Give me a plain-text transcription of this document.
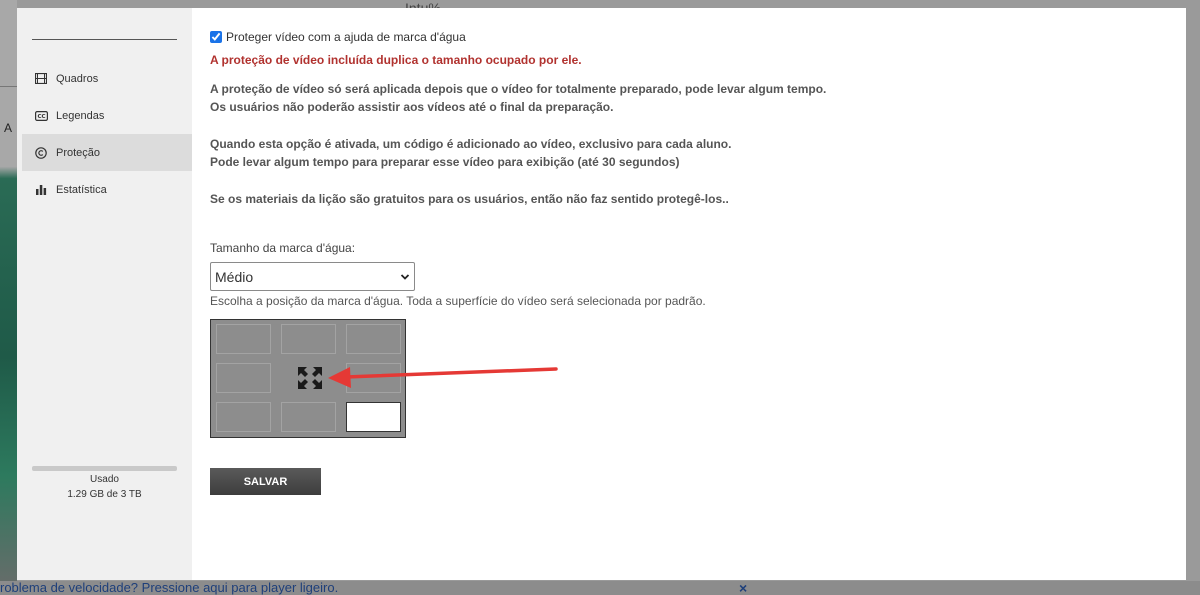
A
roblema de velocidade? Pressione aqui para player ligeiro.	×
Quadros
CC Legendas
Proteção
Estatística
Usado
1.29 GB de 3 TB
Proteger vídeo com a ajuda de marca d'água
A proteção de vídeo incluída duplica o tamanho ocupado por ele.
A proteção de vídeo só será aplicada depois que o vídeo for totalmente preparado, pode levar algum tempo.
Os usuários não poderão assistir aos vídeos até o final da preparação.
Quando esta opção é ativada, um código é adicionado ao vídeo, exclusivo para cada aluno.
Pode levar algum tempo para preparar esse vídeo para exibição (até 30 segundos)
Se os materiais da lição são gratuitos para os usuários, então não faz sentido protegê-los..
Tamanho da marca d'água:
Médio
Escolha a posição da marca d'água. Toda a superfície do vídeo será selecionada por padrão.
SALVAR
